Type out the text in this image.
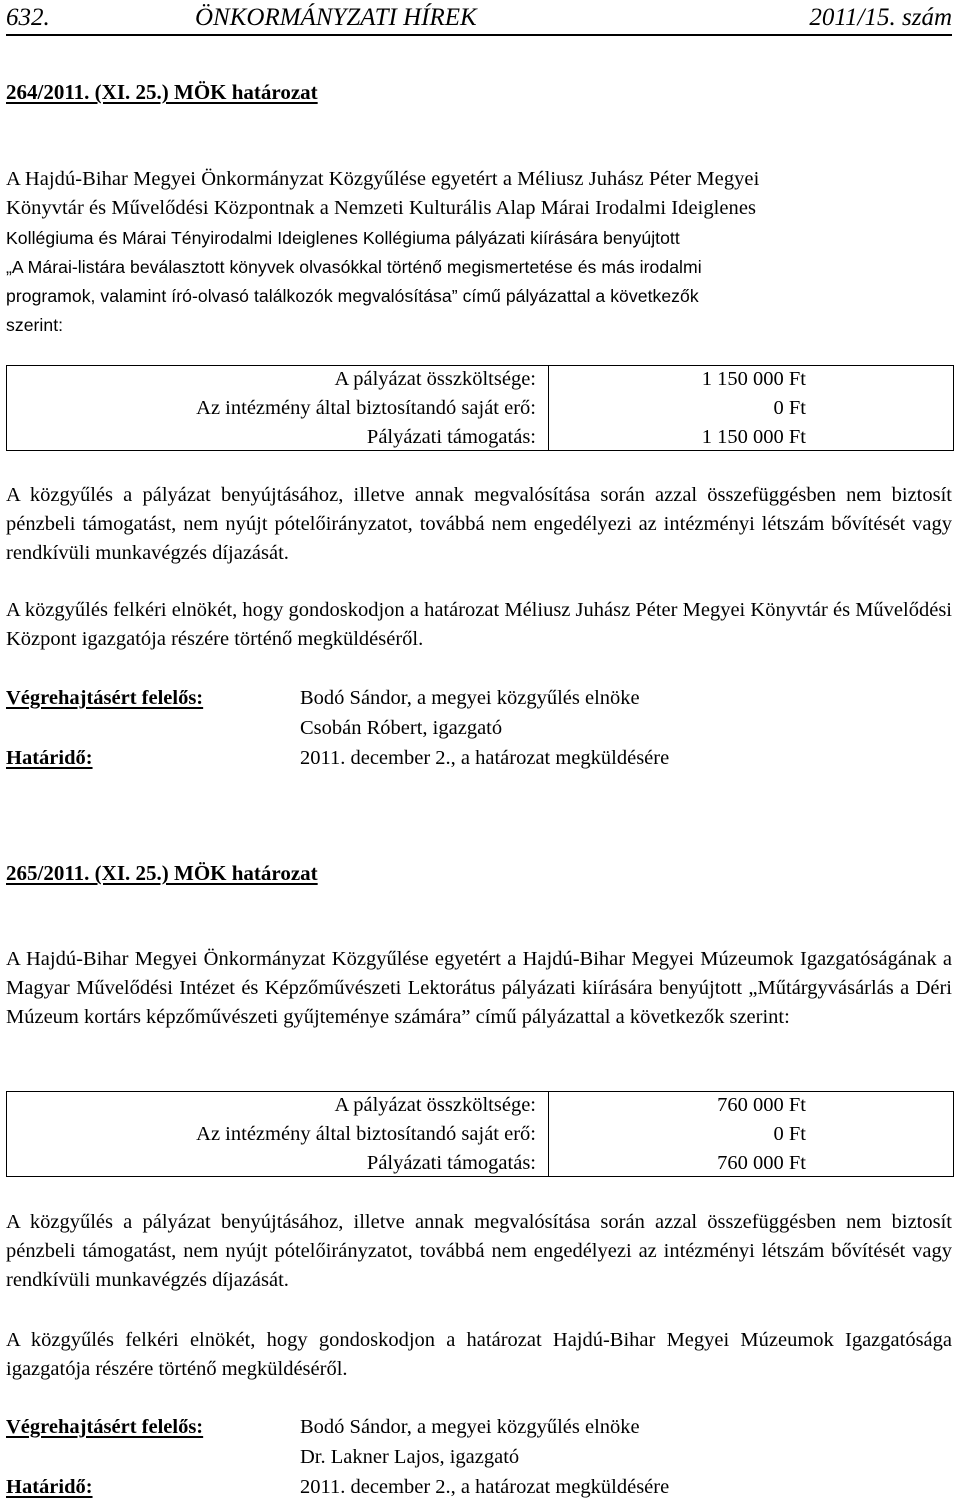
632.	ÖNKORMÁNYZATI HÍREK	2011/15. szám
264/2011. (XI. 25.) MÖK határozat
A Hajdú-Bihar Megyei Önkormányzat Közgyűlése egyetért a Méliusz Juhász Péter Megyei
Könyvtár és Művelődési Központnak a Nemzeti Kulturális Alap Márai Irodalmi Ideiglenes
Kollégiuma és Márai Tényirodalmi Ideiglenes Kollégiuma pályázati kiírására benyújtott
„A Márai-listára beválasztott könyvek olvasókkal történő megismertetése és más irodalmi
programok, valamint író-olvasó találkozók megvalósítása” című pályázattal a következők
szerint:
A pályázat összköltsége:	1 150 000 Ft
Az intézmény által biztosítandó saját erő:	0 Ft
Pályázati támogatás:	1 150 000 Ft
A közgyűlés a pályázat benyújtásához, illetve annak megvalósítása során azzal összefüggésben nem biztosít pénzbeli támogatást, nem nyújt pótelőirányzatot, továbbá nem engedélyezi az intézményi létszám bővítését vagy rendkívüli munkavégzés díjazását.
A közgyűlés felkéri elnökét, hogy gondoskodjon a határozat Méliusz Juhász Péter Megyei Könyvtár és Művelődési Központ igazgatója részére történő megküldéséről.
Végrehajtásért felelős:	Bodó Sándor, a megyei közgyűlés elnöke
Csobán Róbert, igazgató
Határidő:	2011. december 2., a határozat megküldésére
265/2011. (XI. 25.) MÖK határozat
A Hajdú-Bihar Megyei Önkormányzat Közgyűlése egyetért a Hajdú-Bihar Megyei Múzeumok Igazgatóságának a Magyar Művelődési Intézet és Képzőművészeti Lektorátus pályázati kiírására benyújtott „Műtárgyvásárlás a Déri Múzeum kortárs képzőművészeti gyűjteménye számára” című pályázattal a következők szerint:
A pályázat összköltsége:	760 000 Ft
Az intézmény által biztosítandó saját erő:	0 Ft
Pályázati támogatás:	760 000 Ft
A közgyűlés a pályázat benyújtásához, illetve annak megvalósítása során azzal összefüggésben nem biztosít pénzbeli támogatást, nem nyújt pótelőirányzatot, továbbá nem engedélyezi az intézményi létszám bővítését vagy rendkívüli munkavégzés díjazását.
A közgyűlés felkéri elnökét, hogy gondoskodjon a határozat Hajdú-Bihar Megyei Múzeumok Igazgatósága igazgatója részére történő megküldéséről.
Végrehajtásért felelős:	Bodó Sándor, a megyei közgyűlés elnöke
Dr. Lakner Lajos, igazgató
Határidő:	2011. december 2., a határozat megküldésére
